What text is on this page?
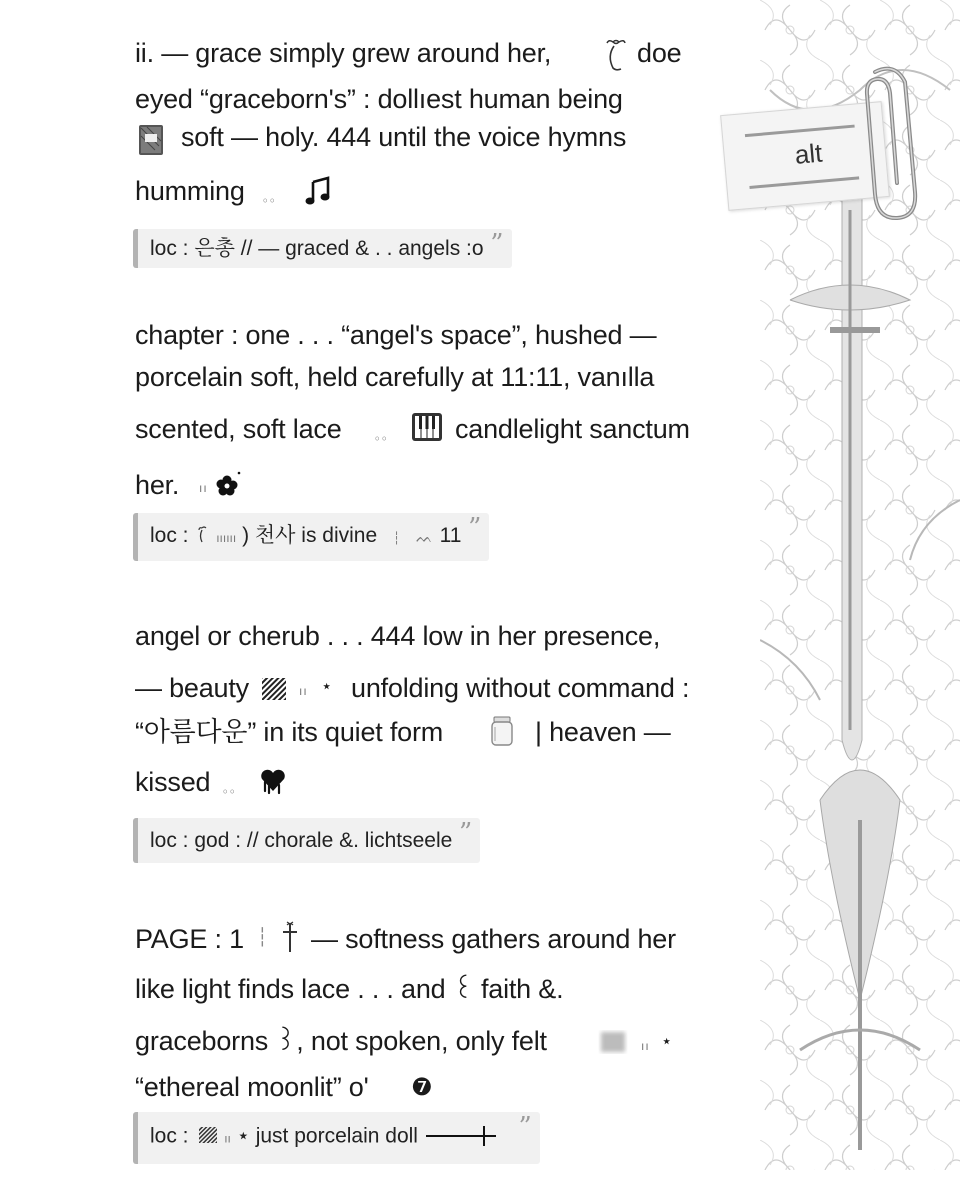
ii. — grace simply grew around her,	doe
eyed “graceborn's” : dollıest human being
soft — holy. 444 until the voice hymns
humming 。。
loc : 은총 // — graced & . . angels :o ”
chapter : one . . . “angel's space”, hushed —
porcelain soft, held carefully at 11:11, vanılla
scented, soft lace	。。 candlelight sanctum
her. ıı
loc : ıııııı ) 천사 is divine ┆ ᨓ 11 ”
angel or cherub . . . 444 low in her presence,
— beauty	ıı ⋆ unfolding without command :
“아름다운” in its quiet form	| heaven —
kissed 。。
loc : god : // chorale &. lichtseele ”
PAGE : 1 ┆ — softness gathers around her
like light finds lace . . . and ꒰ faith &.
graceborns ꒱, not spoken, only felt	ıı ⋆
“ethereal moonlit” o' ❼
loc :	ıı ⋆ just porcelain doll	”
alt
